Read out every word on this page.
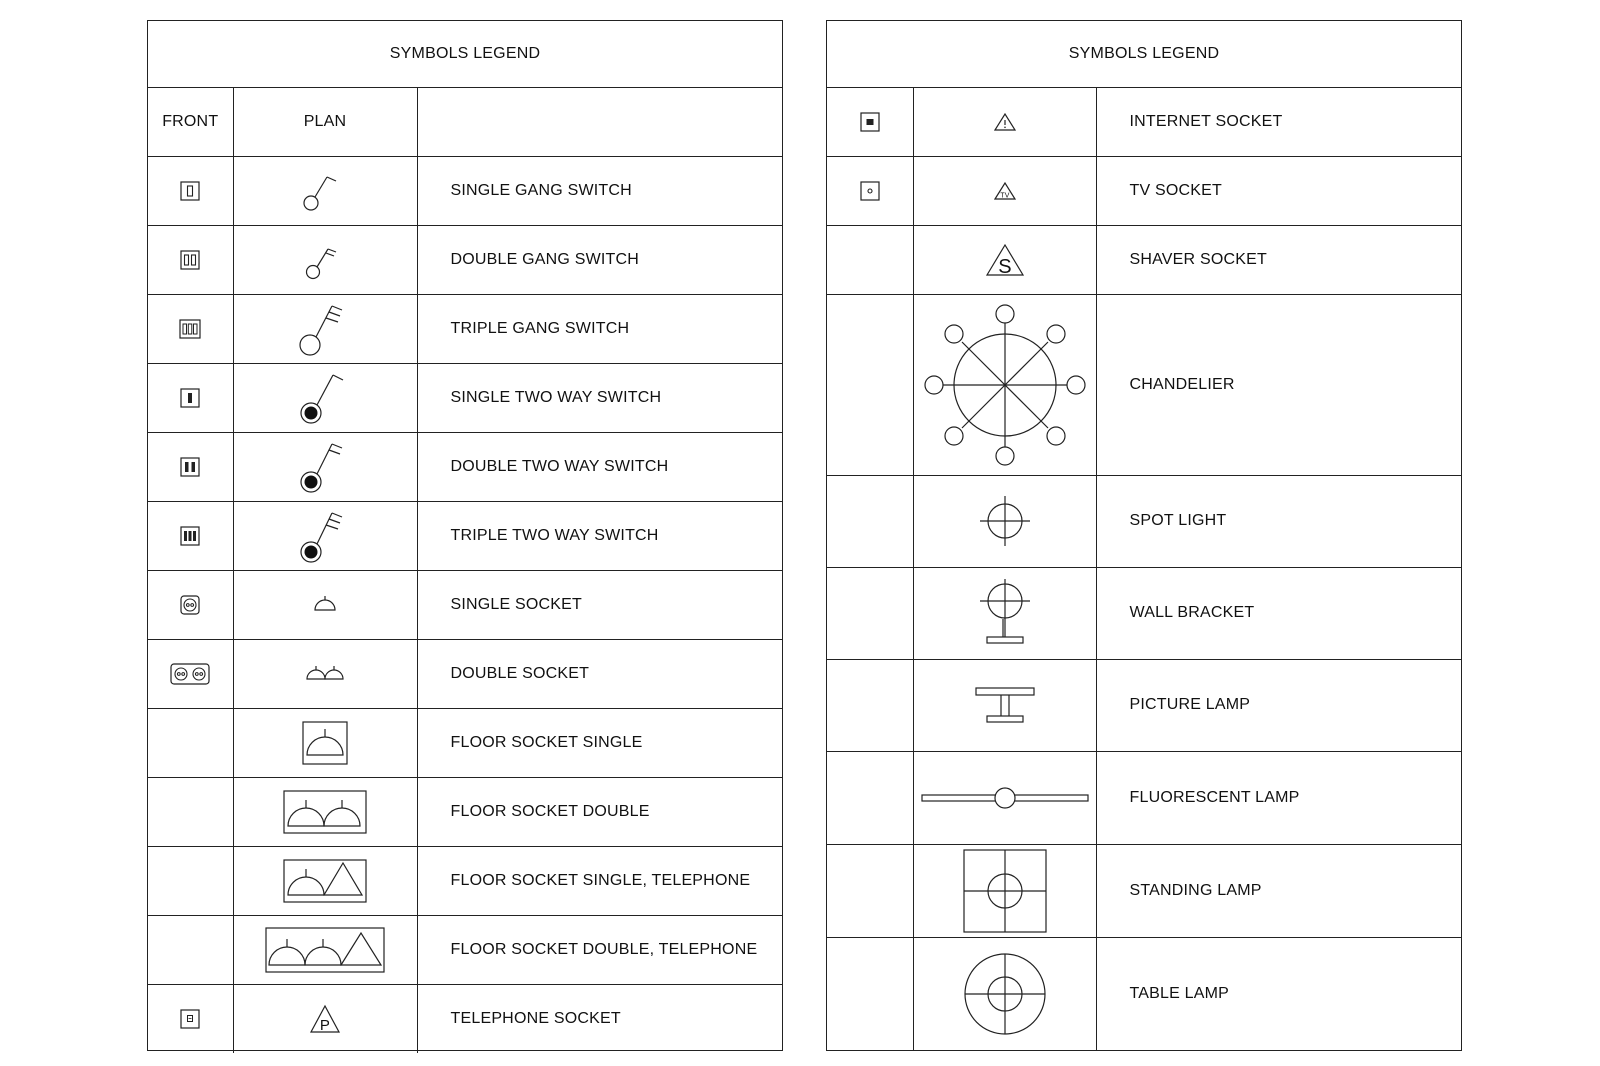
SYMBOLS LEGEND		
FRONT	PLAN	

	SINGLE GANG SWITCH

	DOUBLE GANG SWITCH

	TRIPLE GANG SWITCH

	SINGLE TWO WAY SWITCH

	DOUBLE TWO WAY SWITCH

	TRIPLE TWO WAY SWITCH

	SINGLE SOCKET

	DOUBLE SOCKET

	FLOOR SOCKET SINGLE

	FLOOR SOCKET DOUBLE

	FLOOR SOCKET SINGLE, TELEPHONE

	FLOOR SOCKET DOUBLE, TELEPHONE

P	TELEPHONE SOCKET
SYMBOLS LEGEND		

	INTERNET SOCKET

TV	TV SOCKET

S	SHAVER SOCKET

	CHANDELIER

	SPOT LIGHT

	WALL BRACKET

	PICTURE LAMP

	FLUORESCENT LAMP

	STANDING LAMP

	TABLE LAMP
